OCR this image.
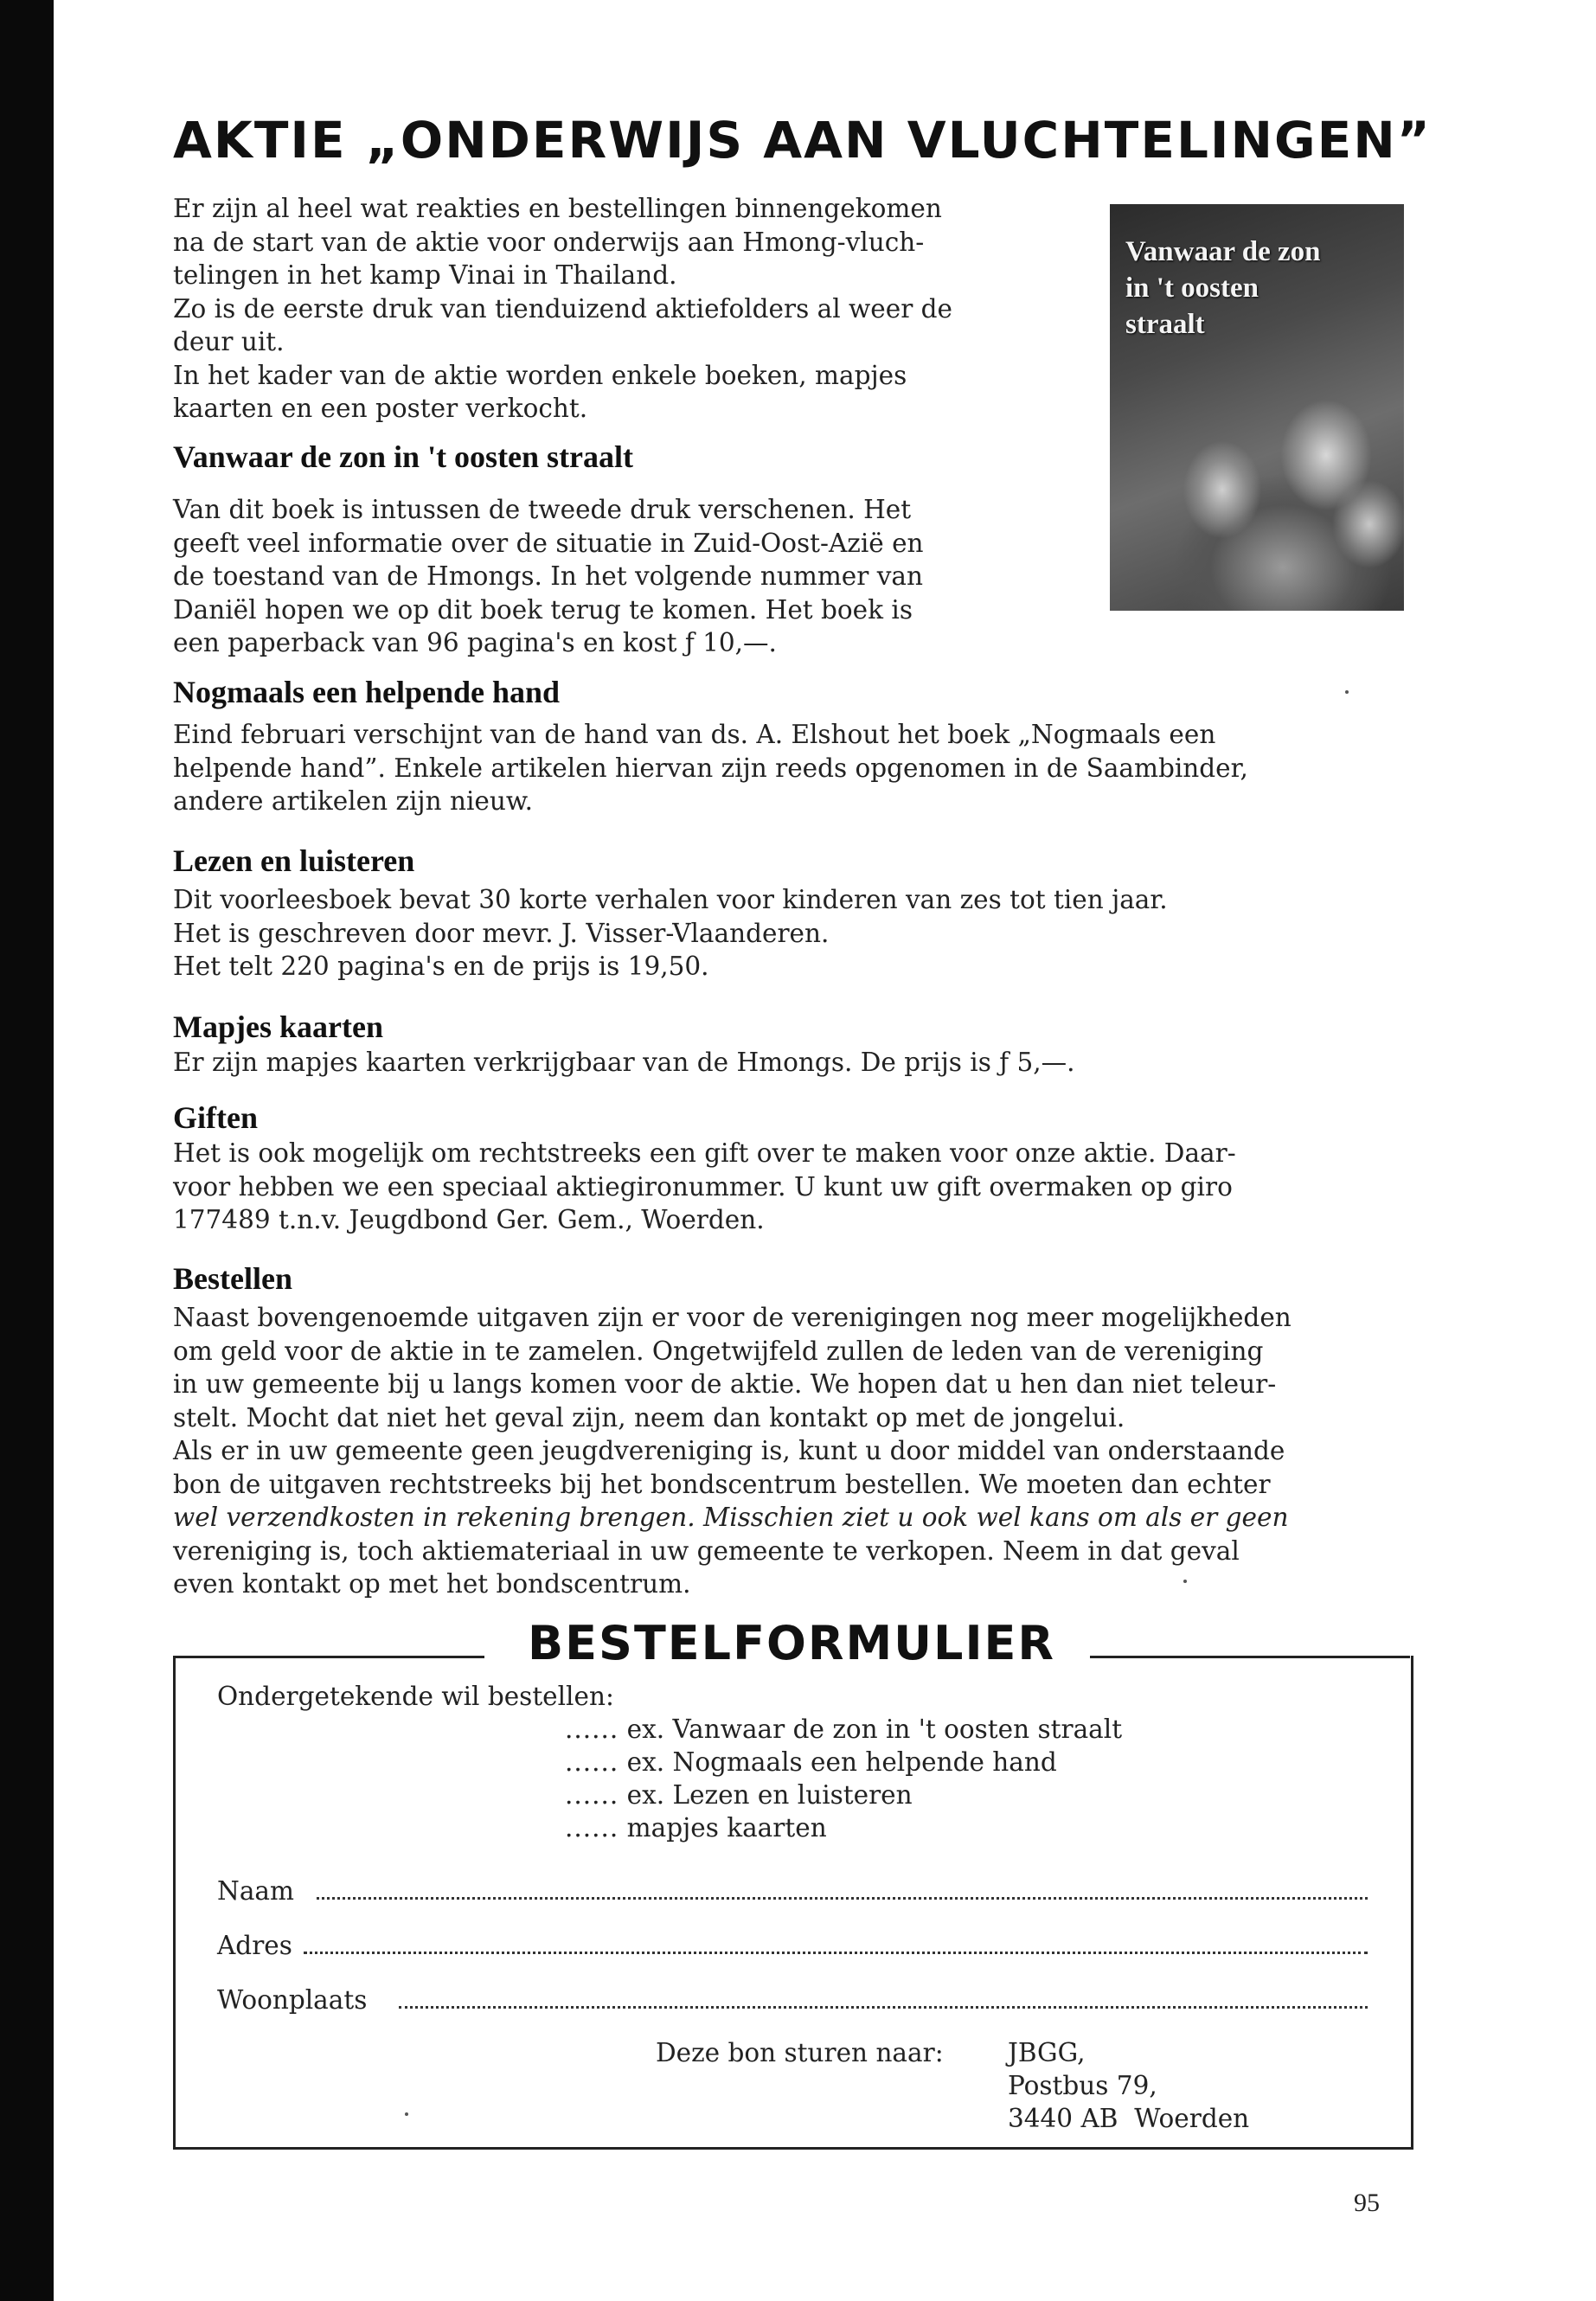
AKTIE „ONDERWIJS AAN VLUCHTELINGEN”

Er zijn al heel wat reakties en bestellingen binnengekomen

na de start van de aktie voor onderwijs aan Hmong-vluch-

telingen in het kamp Vinai in Thailand.

Zo is de eerste druk van tienduizend aktiefolders al weer de

deur uit.

In het kader van de aktie worden enkele boeken, mapjes

kaarten en een poster verkocht.

Vanwaar de zon
in 't oosten
straalt

Vanwaar de zon in 't oosten straalt

Van dit boek is intussen de tweede druk verschenen. Het

geeft veel informatie over de situatie in Zuid-Oost-Azië en

de toestand van de Hmongs. In het volgende nummer van

Daniël hopen we op dit boek terug te komen. Het boek is

een paperback van 96 pagina's en kost ƒ 10,—.

Nogmaals een helpende hand

Eind februari verschijnt van de hand van ds. A. Elshout het boek „Nogmaals een

helpende hand”. Enkele artikelen hiervan zijn reeds opgenomen in de Saambinder,

andere artikelen zijn nieuw.

Lezen en luisteren

Dit voorleesboek bevat 30 korte verhalen voor kinderen van zes tot tien jaar.

Het is geschreven door mevr. J. Visser-Vlaanderen.

Het telt 220 pagina's en de prijs is 19,50.

Mapjes kaarten

Er zijn mapjes kaarten verkrijgbaar van de Hmongs. De prijs is ƒ 5,—.

Giften

Het is ook mogelijk om rechtstreeks een gift over te maken voor onze aktie. Daar-

voor hebben we een speciaal aktiegironummer. U kunt uw gift overmaken op giro

177489 t.n.v. Jeugdbond Ger. Gem., Woerden.

Bestellen

Naast bovengenoemde uitgaven zijn er voor de verenigingen nog meer mogelijkheden

om geld voor de aktie in te zamelen. Ongetwijfeld zullen de leden van de vereniging

in uw gemeente bij u langs komen voor de aktie. We hopen dat u hen dan niet teleur-

stelt. Mocht dat niet het geval zijn, neem dan kontakt op met de jongelui.

Als er in uw gemeente geen jeugdvereniging is, kunt u door middel van onderstaande

bon de uitgaven rechtstreeks bij het bondscentrum bestellen. We moeten dan echter

wel verzendkosten in rekening brengen. Misschien ziet u ook wel kans om als er geen

vereniging is, toch aktiemateriaal in uw gemeente te verkopen. Neem in dat geval

even kontakt op met het bondscentrum.

BESTELFORMULIER
Ondergetekende wil bestellen:
...... ex. Vanwaar de zon in 't oosten straalt
...... ex. Nogmaals een helpende hand
...... ex. Lezen en luisteren
...... mapjes kaarten
Naam
Adres
Woonplaats
Deze bon sturen naar:	JBGG,
Postbus 79,
3440 AB  Woerden
95
